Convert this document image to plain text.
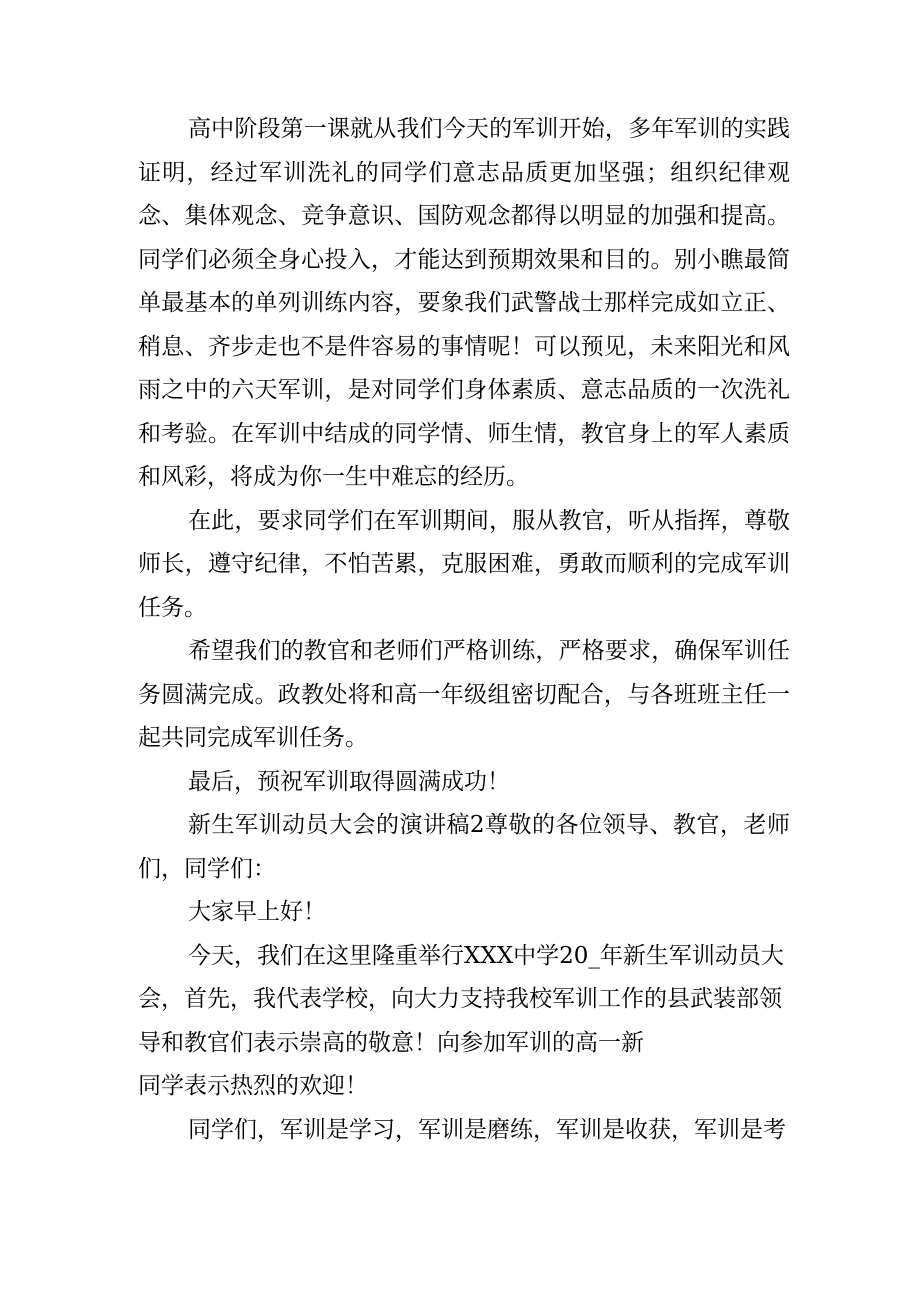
高中阶段第一课就从我们今天的军训开始，多年军训的实践证明，经过军训洗礼的同学们意志品质更加坚强；组织纪律观念、集体观念、竞争意识、国防观念都得以明显的加强和提高。同学们必须全身心投入，才能达到预期效果和目的。别小瞧最简单最基本的单列训练内容，要象我们武警战士那样完成如立正、稍息、齐步走也不是件容易的事情呢！可以预见，未来阳光和风雨之中的六天军训，是对同学们身体素质、意志品质的一次洗礼和考验。在军训中结成的同学情、师生情，教官身上的军人素质和风彩，将成为你一生中难忘的经历。

在此，要求同学们在军训期间，服从教官，听从指挥，尊敬师长，遵守纪律，不怕苦累，克服困难，勇敢而顺利的完成军训任务。

希望我们的教官和老师们严格训练，严格要求，确保军训任务圆满完成。政教处将和高一年级组密切配合，与各班班主任一起共同完成军训任务。

最后，预祝军训取得圆满成功！

新生军训动员大会的演讲稿2尊敬的各位领导、教官，老师们，同学们：

大家早上好！

今天，我们在这里隆重举行XXX中学20_年新生军训动员大会，首先，我代表学校，向大力支持我校军训工作的县武装部领导和教官们表示崇高的敬意！向参加军训的高一新

同学表示热烈的欢迎！

同学们，军训是学习，军训是磨练，军训是收获，军训是考
